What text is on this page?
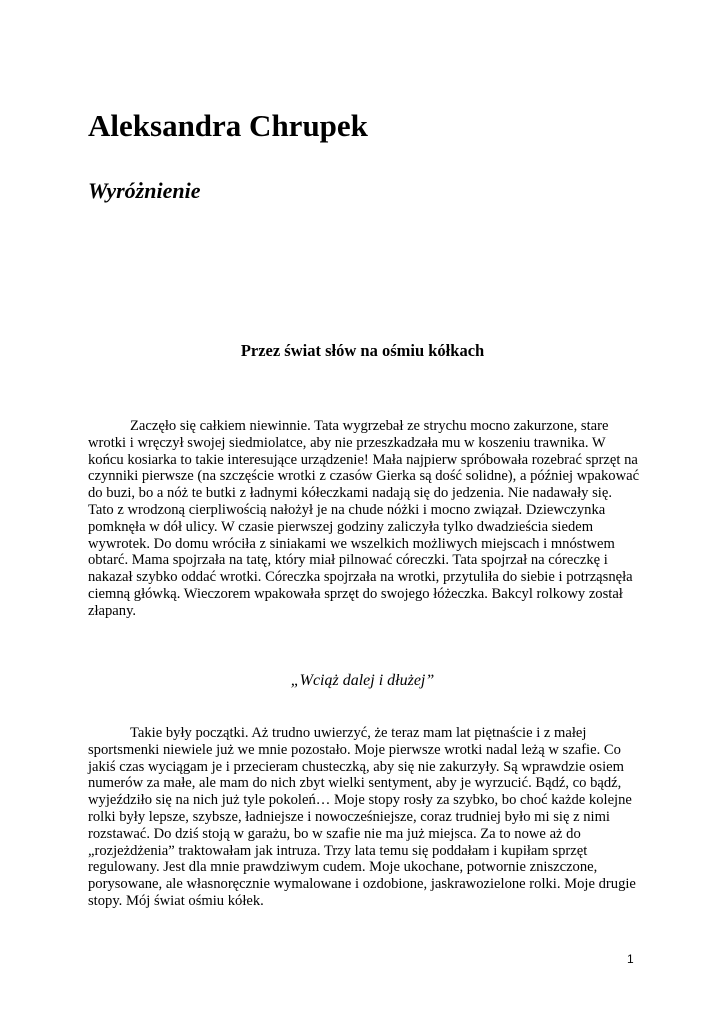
Aleksandra Chrupek
Wyróżnienie
Przez świat słów na ośmiu kółkach

Zaczęło się całkiem niewinnie. Tata wygrzebał ze strychu mocno zakurzone, stare
wrotki i wręczył swojej siedmiolatce, aby nie przeszkadzała mu w koszeniu trawnika. W
końcu kosiarka to takie interesujące urządzenie! Mała najpierw spróbowała rozebrać sprzęt na
czynniki pierwsze (na szczęście wrotki z czasów Gierka są dość solidne), a później wpakować
do buzi, bo a nóż te butki z ładnymi kółeczkami nadają się do jedzenia. Nie nadawały się.
Tato z wrodzoną cierpliwością nałożył je na chude nóżki i mocno związał. Dziewczynka
pomknęła w dół ulicy. W czasie pierwszej godziny zaliczyła tylko dwadzieścia siedem
wywrotek. Do domu wróciła z siniakami we wszelkich możliwych miejscach i mnóstwem
obtarć. Mama spojrzała na tatę, który miał pilnować córeczki. Tata spojrzał na córeczkę i
nakazał szybko oddać wrotki. Córeczka spojrzała na wrotki, przytuliła do siebie i potrząsnęła
ciemną główką. Wieczorem wpakowała sprzęt do swojego łóżeczka. Bakcyl rolkowy został
złapany.

„Wciąż dalej i dłużej”

Takie były początki. Aż trudno uwierzyć, że teraz mam lat piętnaście i z małej
sportsmenki niewiele już we mnie pozostało. Moje pierwsze wrotki nadal leżą w szafie. Co
jakiś czas wyciągam je i przecieram chusteczką, aby się nie zakurzyły. Są wprawdzie osiem
numerów za małe, ale mam do nich zbyt wielki sentyment, aby je wyrzucić. Bądź, co bądź,
wyjeździło się na nich już tyle pokoleń… Moje stopy rosły za szybko, bo choć każde kolejne
rolki były lepsze, szybsze, ładniejsze i nowocześniejsze, coraz trudniej było mi się z nimi
rozstawać. Do dziś stoją w garażu, bo w szafie nie ma już miejsca. Za to nowe aż do
„rozjeżdżenia” traktowałam jak intruza. Trzy lata temu się poddałam i kupiłam sprzęt
regulowany. Jest dla mnie prawdziwym cudem. Moje ukochane, potwornie zniszczone,
porysowane, ale własnoręcznie wymalowane i ozdobione, jaskrawozielone rolki. Moje drugie
stopy. Mój świat ośmiu kółek.

1
